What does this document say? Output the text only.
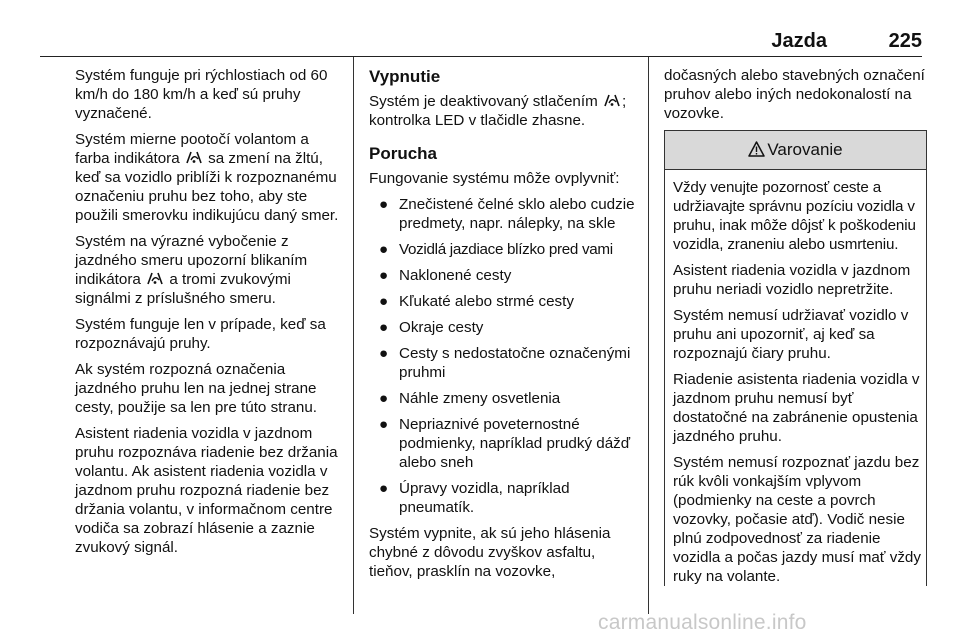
Jazda	225

Systém funguje pri rýchlostiach od 60 km/h do 180 km/h a keď sú pruhy vyznačené.

Systém mierne pootočí volantom a farba indikátora sa zmení na žltú, keď sa vozidlo priblíži k rozpoznanému označeniu pruhu bez toho, aby ste použili smerovku indikujúcu daný smer.

Systém na výrazné vybočenie z jazdného smeru upozorní blikaním indikátora a tromi zvukovými signálmi z príslušného smeru.

Systém funguje len v prípade, keď sa rozpoznávajú pruhy.

Ak systém rozpozná označenia jazdného pruhu len na jednej strane cesty, použije sa len pre túto stranu.

Asistent riadenia vozidla v jazdnom pruhu rozpoznáva riadenie bez držania volantu. Ak asistent riadenia vozidla v jazdnom pruhu rozpozná riadenie bez držania volantu, v informačnom centre vodiča sa zobrazí hlásenie a zaznie zvukový signál.

Vypnutie

Systém je deaktivovaný stlačením ; kontrolka LED v tlačidle zhasne.

Porucha

Fungovanie systému môže ovplyvniť:

● Znečistené čelné sklo alebo cudzie predmety, napr. nálepky, na skle
● Vozidlá jazdiace blízko pred vami
● Naklonené cesty
● Kľukaté alebo strmé cesty
● Okraje cesty
● Cesty s nedostatočne označenými pruhmi
● Náhle zmeny osvetlenia
● Nepriaznivé poveternostné podmienky, napríklad prudký dážď alebo sneh
● Úpravy vozidla, napríklad pneumatík.

Systém vypnite, ak sú jeho hlásenia chybné z dôvodu zvyškov asfaltu, tieňov, prasklín na vozovke,

dočasných alebo stavebných označení pruhov alebo iných nedokonalostí na vozovke.

Varovanie

Vždy venujte pozornosť ceste a udržiavajte správnu pozíciu vozidla v pruhu, inak môže dôjsť k poškodeniu vozidla, zraneniu alebo usmrteniu.

Asistent riadenia vozidla v jazdnom pruhu neriadi vozidlo nepretržite.

Systém nemusí udržiavať vozidlo v pruhu ani upozorniť, aj keď sa rozpoznajú čiary pruhu.

Riadenie asistenta riadenia vozidla v jazdnom pruhu nemusí byť dostatočné na zabránenie opustenia jazdného pruhu.

Systém nemusí rozpoznať jazdu bez rúk kvôli vonkajším vplyvom (podmienky na ceste a povrch vozovky, počasie atď). Vodič nesie plnú zodpovednosť za riadenie vozidla a počas jazdy musí mať vždy ruky na volante.

carmanualsonline.info
